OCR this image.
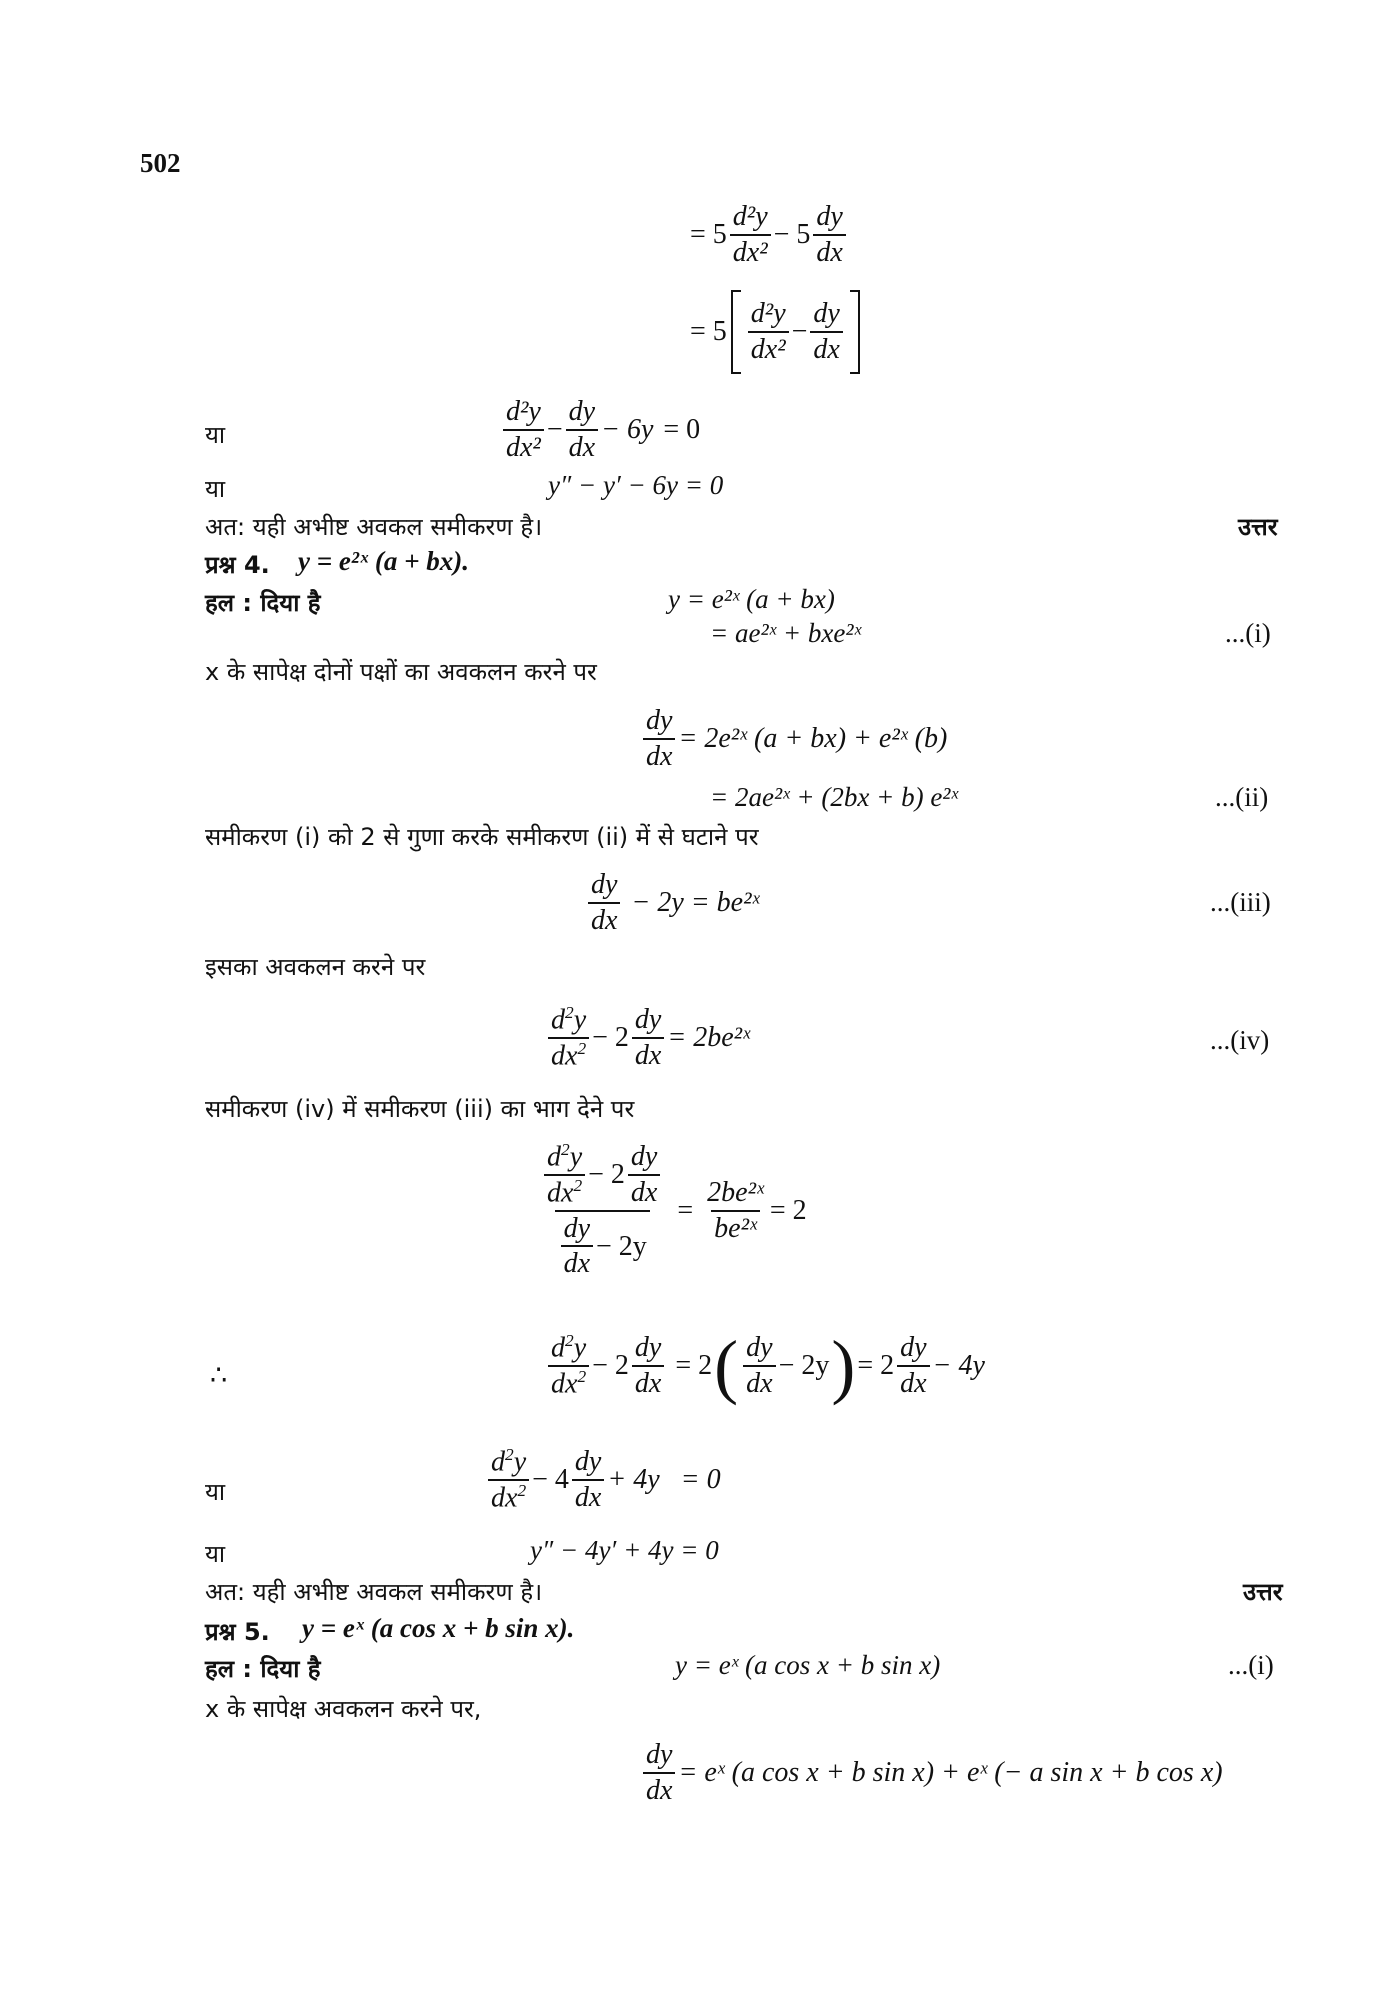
502
= $5 \frac{\text{d²y}}{\text{dx²}} - 5 \frac{dy}{dx}$
= $5 \frac{\text{d²y}}{\text{dx²}} - \frac{dy}{dx}$
या	$\frac{\text{d²y}}{\text{dx²}} - \frac{dy}{dx} - 6y = 0$
या	y″ − y′ − 6y = 0
अत: यही अभीष्ट अवकल समीकरण है।	उत्तर
प्रश्न 4. y = e²ˣ (a + bx).
हल : दिया है	y = e²ˣ (a + bx)
= ae²ˣ + bxe²ˣ	...(i)
x के सापेक्ष दोनों पक्षों का अवकलन करने पर
$\frac{dy}{dx}$ = 2e²ˣ (a + bx) + e²ˣ (b)
= 2ae²ˣ + (2bx + b) e²ˣ	...(ii)
समीकरण (i) को 2 से गुणा करके समीकरण (ii) में से घटाने पर
$\frac{dy}{dx} - 2y$ = be²ˣ	...(iii)
इसका अवकलन करने पर
$\frac{d^2y}{dx^2} - 2 \frac{dy}{dx}$ = 2be²ˣ	...(iv)
समीकरण (iv) में समीकरण (iii) का भाग देने पर
$\frac{\frac{d^2y}{dx^2} - 2 \frac{dy}{dx}}{\frac{dy}{dx} - 2y} = \frac{\text{2be²ˣ}}{\text{be²ˣ}} = 2$
∴	$\frac{d^2y}{dx^2} - 2 \frac{dy}{dx} = 2$ ( $\frac{dy}{dx} - 2y$ ) = $2 \frac{dy}{dx} - 4y$
या	$\frac{d^2y}{dx^2} - 4 \frac{dy}{dx} + 4y = 0$
या	y″ − 4y′ + 4y = 0
अत: यही अभीष्ट अवकल समीकरण है।	उत्तर
प्रश्न 5. y = eˣ (a cos x + b sin x).
हल : दिया है	y = eˣ (a cos x + b sin x)	...(i)
x के सापेक्ष अवकलन करने पर,
$\frac{dy}{dx}$ = eˣ (a cos x + b sin x) + eˣ (− a sin x + b cos x)
